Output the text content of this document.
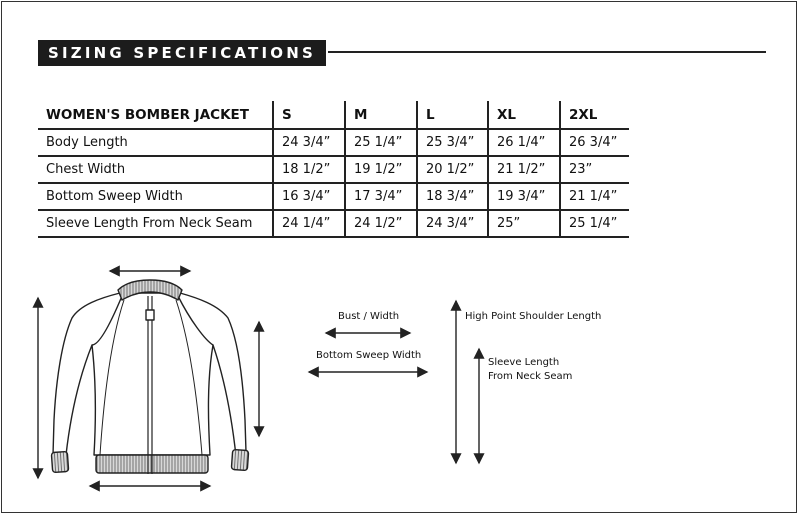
SIZING SPECIFICATIONS
WOMEN'S BOMBER JACKET	S	M	L	XL	2XL
Body Length	24 3/4”	25 1/4”	25 3/4”	26 1/4”	26 3/4”
Chest Width	18 1/2”	19 1/2”	20 1/2”	21 1/2”	23”
Bottom Sweep Width	16 3/4”	17 3/4”	18 3/4”	19 3/4”	21 1/4”
Sleeve Length From Neck Seam	24 1/4”	24 1/2”	24 3/4”	25”	25 1/4”
Bust / Width
Bottom Sweep Width
High Point Shoulder Length
Sleeve Length
From Neck Seam
